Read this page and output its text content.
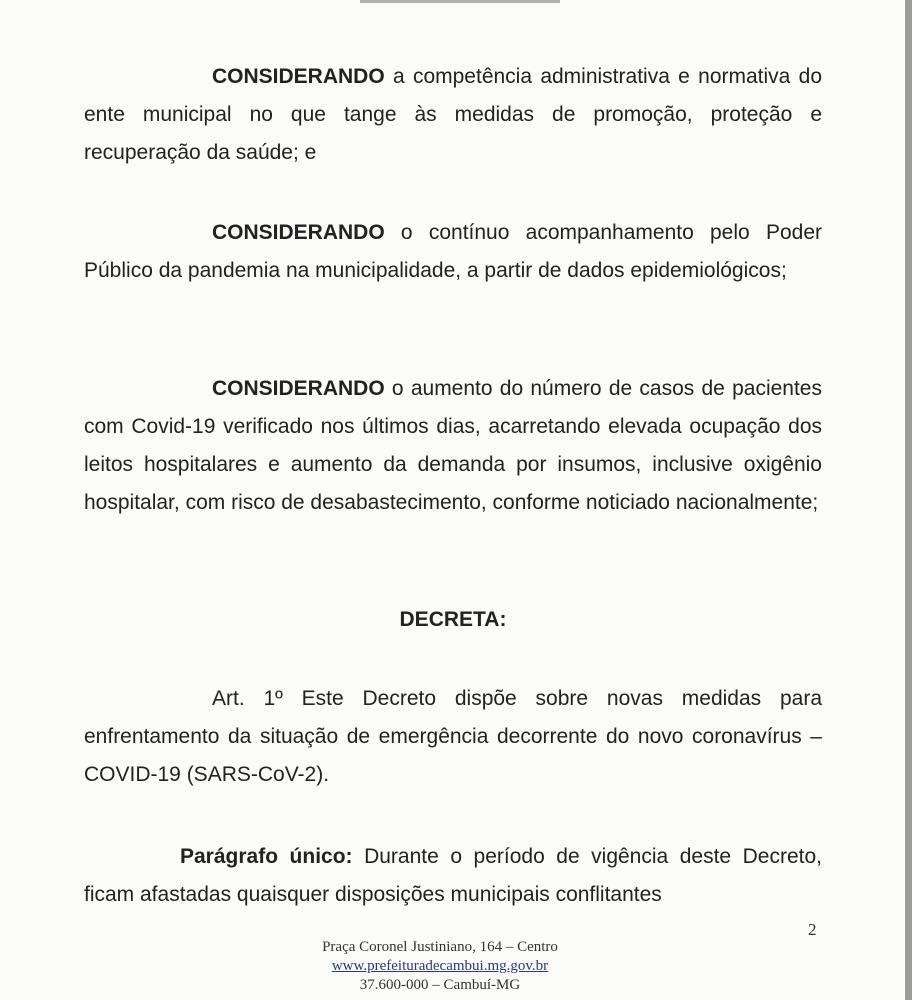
CONSIDERANDO a competência administrativa e normativa do ente municipal no que tange às medidas de promoção, proteção e recuperação da saúde; e

CONSIDERANDO o contínuo acompanhamento pelo Poder Público da pandemia na municipalidade, a partir de dados epidemiológicos;

CONSIDERANDO o aumento do número de casos de pacientes com Covid-19 verificado nos últimos dias, acarretando elevada ocupação dos leitos hospitalares e aumento da demanda por insumos, inclusive oxigênio hospitalar, com risco de desabastecimento, conforme noticiado nacionalmente;

DECRETA:

Art. 1º Este Decreto dispõe sobre novas medidas para enfrentamento da situação de emergência decorrente do novo coronavírus – COVID-19 (SARS-CoV-2).

Parágrafo único: Durante o período de vigência deste Decreto, ficam afastadas quaisquer disposições municipais conflitantes

2
Praça Coronel Justiniano, 164 – Centro
www.prefeituradecambui.mg.gov.br
37.600-000 – Cambuí-MG
